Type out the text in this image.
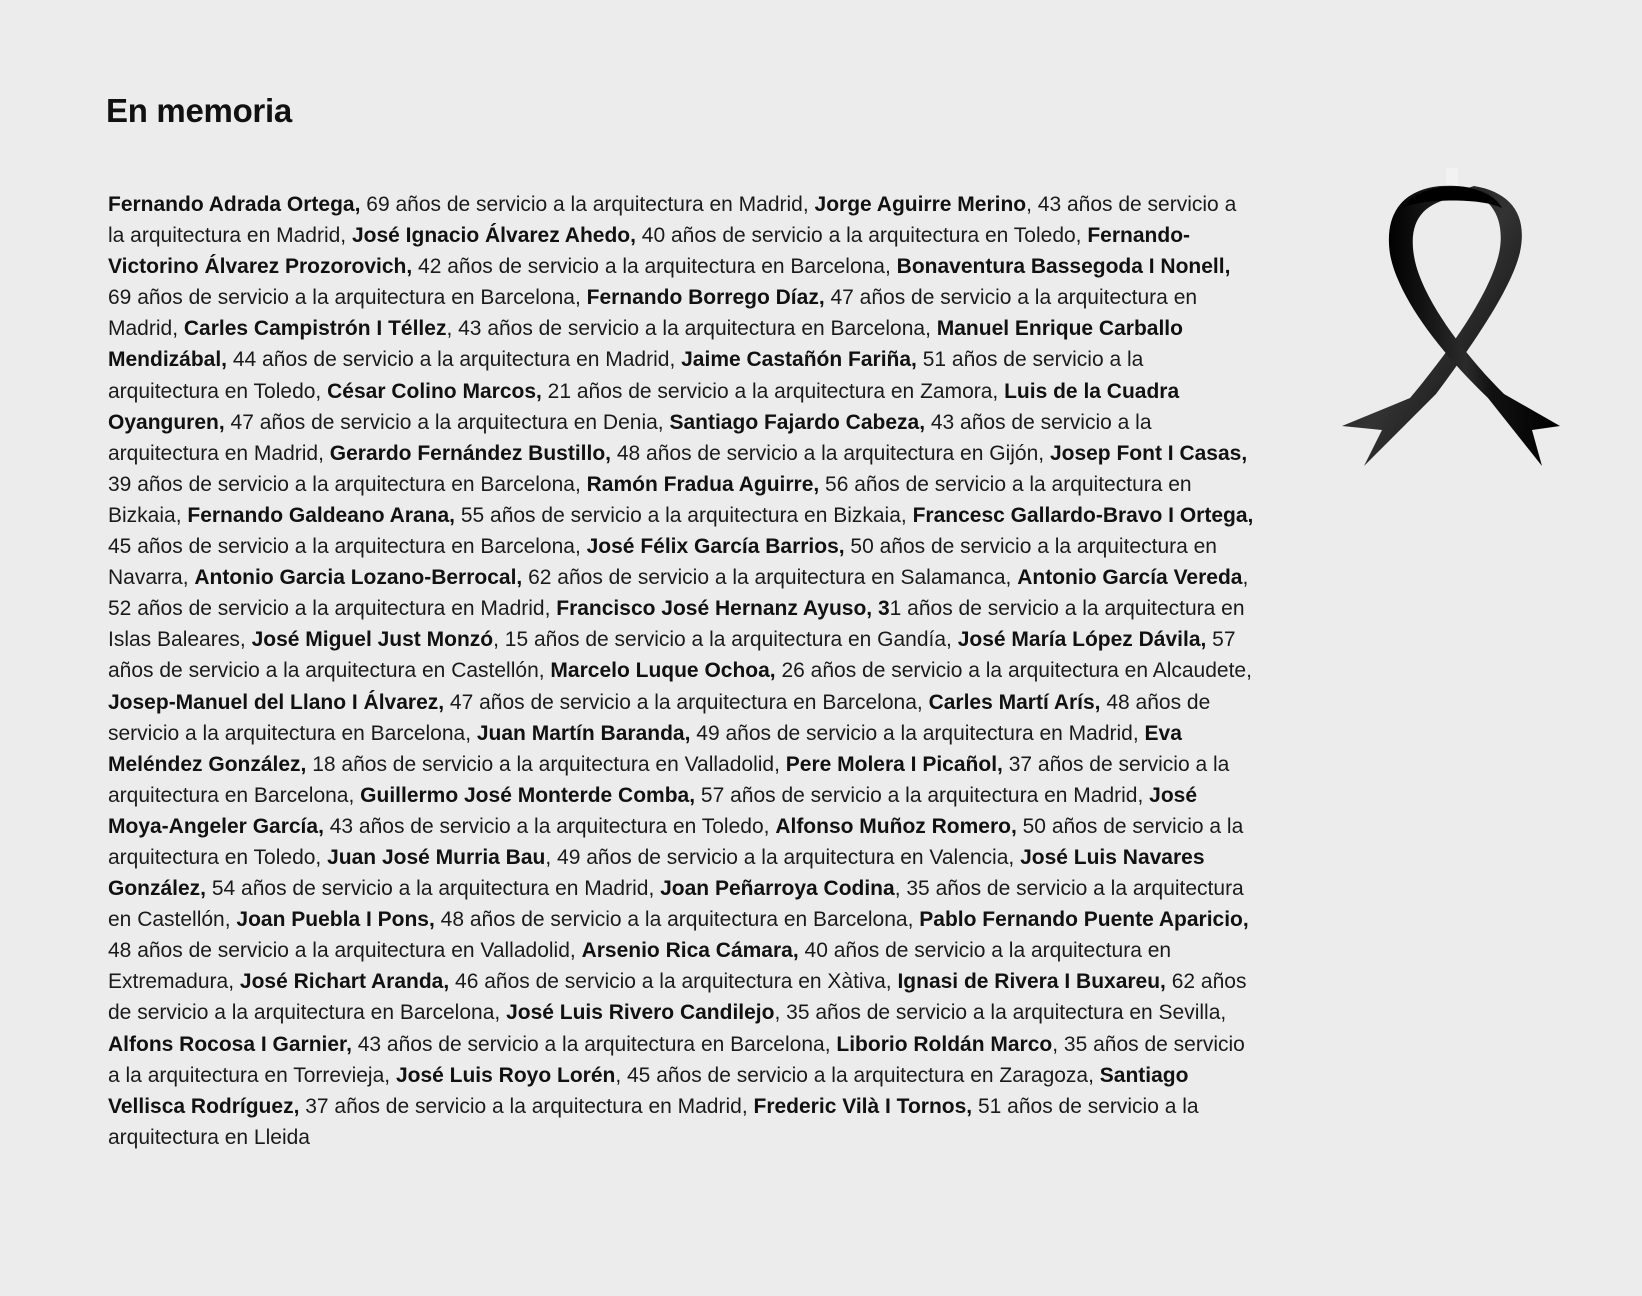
En memoria

Fernando Adrada Ortega, 69 años de servicio a la arquitectura en Madrid, Jorge Aguirre Merino, 43 años de servicio a la arquitectura en Madrid, José Ignacio Álvarez Ahedo, 40 años de servicio a la arquitectura en Toledo, Fernando-Victorino Álvarez Prozorovich, 42 años de servicio a la arquitectura en Barcelona, Bonaventura Bassegoda I Nonell, 69 años de servicio a la arquitectura en Barcelona, Fernando Borrego Díaz, 47 años de servicio a la arquitectura en Madrid, Carles Campistrón I Téllez, 43 años de servicio a la arquitectura en Barcelona, Manuel Enrique Carballo Mendizábal, 44 años de servicio a la arquitectura en Madrid, Jaime Castañón Fariña, 51 años de servicio a la arquitectura en Toledo, César Colino Marcos, 21 años de servicio a la arquitectura en Zamora, Luis de la Cuadra Oyanguren, 47 años de servicio a la arquitectura en Denia, Santiago Fajardo Cabeza, 43 años de servicio a la arquitectura en Madrid, Gerardo Fernández Bustillo, 48 años de servicio a la arquitectura en Gijón, Josep Font I Casas, 39 años de servicio a la arquitectura en Barcelona, Ramón Fradua Aguirre, 56 años de servicio a la arquitectura en Bizkaia, Fernando Galdeano Arana, 55 años de servicio a la arquitectura en Bizkaia, Francesc Gallardo-Bravo I Ortega, 45 años de servicio a la arquitectura en Barcelona, José Félix García Barrios, 50 años de servicio a la arquitectura en Navarra, Antonio Garcia Lozano-Berrocal, 62 años de servicio a la arquitectura en Salamanca, Antonio García Vereda, 52 años de servicio a la arquitectura en Madrid, Francisco José Hernanz Ayuso, 31 años de servicio a la arquitectura en Islas Baleares, José Miguel Just Monzó, 15 años de servicio a la arquitectura en Gandía, José María López Dávila, 57 años de servicio a la arquitectura en Castellón, Marcelo Luque Ochoa, 26 años de servicio a la arquitectura en Alcaudete, Josep-Manuel del Llano I Álvarez, 47 años de servicio a la arquitectura en Barcelona, Carles Martí Arís, 48 años de servicio a la arquitectura en Barcelona, Juan Martín Baranda, 49 años de servicio a la arquitectura en Madrid, Eva Meléndez González, 18 años de servicio a la arquitectura en Valladolid, Pere Molera I Picañol, 37 años de servicio a la arquitectura en Barcelona, Guillermo José Monterde Comba, 57 años de servicio a la arquitectura en Madrid, José Moya-Angeler García, 43 años de servicio a la arquitectura en Toledo, Alfonso Muñoz Romero, 50 años de servicio a la arquitectura en Toledo, Juan José Murria Bau, 49 años de servicio a la arquitectura en Valencia, José Luis Navares González, 54 años de servicio a la arquitectura en Madrid, Joan Peñarroya Codina, 35 años de servicio a la arquitectura en Castellón, Joan Puebla I Pons, 48 años de servicio a la arquitectura en Barcelona, Pablo Fernando Puente Aparicio, 48 años de servicio a la arquitectura en Valladolid, Arsenio Rica Cámara, 40 años de servicio a la arquitectura en Extremadura, José Richart Aranda, 46 años de servicio a la arquitectura en Xàtiva, Ignasi de Rivera I Buxareu, 62 años de servicio a la arquitectura en Barcelona, José Luis Rivero Candilejo, 35 años de servicio a la arquitectura en Sevilla, Alfons Rocosa I Garnier, 43 años de servicio a la arquitectura en Barcelona, Liborio Roldán Marco, 35 años de servicio a la arquitectura en Torrevieja, José Luis Royo Lorén, 45 años de servicio a la arquitectura en Zaragoza, Santiago Vellisca Rodríguez, 37 años de servicio a la arquitectura en Madrid, Frederic Vilà I Tornos, 51 años de servicio a la arquitectura en Lleida
